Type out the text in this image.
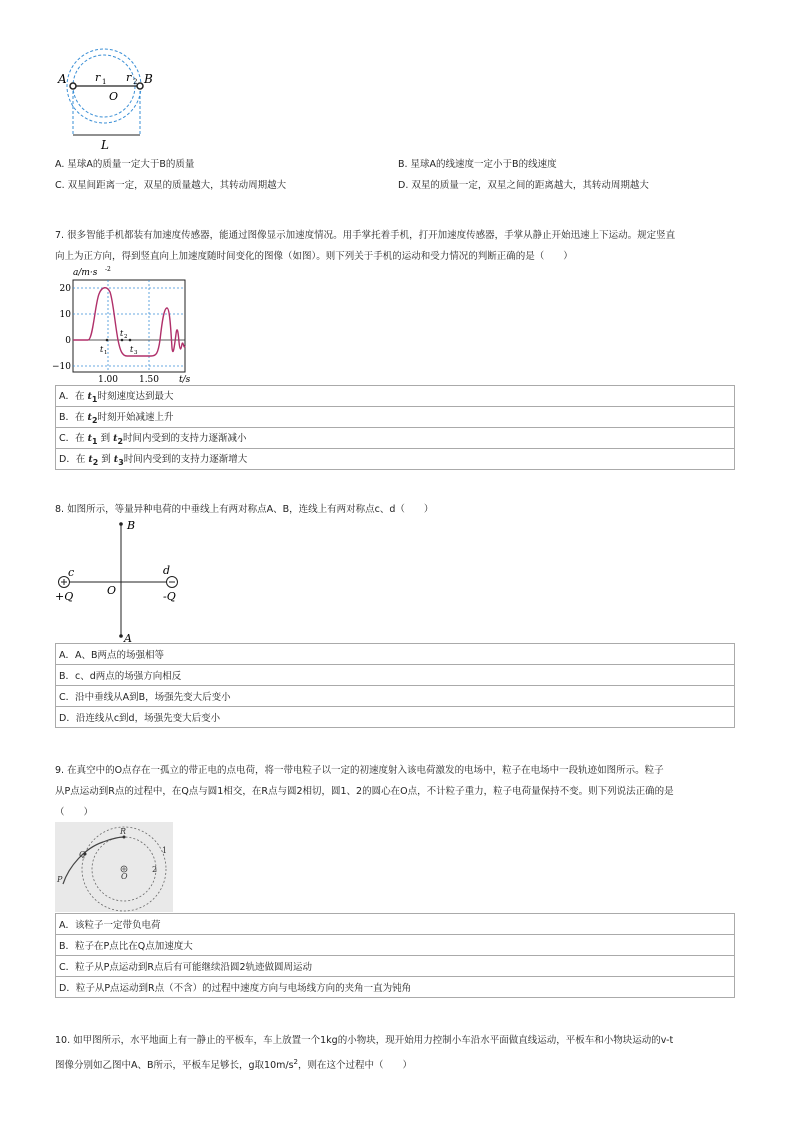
A	B
O
r 1 r 2
L
A. 星球A的质量一定大于B的质量	B. 星球A的线速度一定小于B的线速度
C. 双星间距离一定，双星的质量越大，其转动周期越大	D. 双星的质量一定，双星之间的距离越大，其转动周期越大
7. 很多智能手机都装有加速度传感器，能通过图像显示加速度情况。用手掌托着手机，打开加速度传感器，手掌从静止开始迅速上下运动。规定竖直
向上为正方向，得到竖直向上加速度随时间变化的图像（如图）。则下列关于手机的运动和受力情况的判断正确的是（　　）
a/m·s -2
20
10
0
−10
1.00 1.50 t/s
t
t
t
1
2
3
A．在 $t_1$时刻速度达到最大
B．在 $t_2$时刻开始减速上升
C．在 $t_1$ 到 $t_2$时间内受到的支持力逐渐减小
D．在 $t_2$ 到 $t_3$时间内受到的支持力逐渐增大
8. 如图所示，等量异种电荷的中垂线上有两对称点A、B，连线上有两对称点c、d（　　）
B
A
O
c	d
+Q	-Q
A．A、B两点的场强相等
B．c、d两点的场强方向相反
C．沿中垂线从A到B，场强先变大后变小
D．沿连线从c到d，场强先变大后变小
9. 在真空中的O点存在一孤立的带正电的点电荷，将一带电粒子以一定的初速度射入该电荷激发的电场中，粒子在电场中一段轨迹如图所示。粒子
从P点运动到R点的过程中，在Q点与圆1相交，在R点与圆2相切，圆1、2的圆心在O点，不计粒子重力，粒子电荷量保持不变。则下列说法正确的是
（　　）
P
Q
R
O
1
2
A．该粒子一定带负电荷
B．粒子在P点比在Q点加速度大
C．粒子从P点运动到R点后有可能继续沿圆2轨迹做圆周运动
D．粒子从P点运动到R点（不含）的过程中速度方向与电场线方向的夹角一直为钝角
10. 如甲图所示，水平地面上有一静止的平板车，车上放置一个1kg的小物块，现开始用力控制小车沿水平面做直线运动，平板车和小物块运动的v-t
图像分别如乙图中A、B所示，平板车足够长，g取$10m/s^2$，则在这个过程中（　　）
